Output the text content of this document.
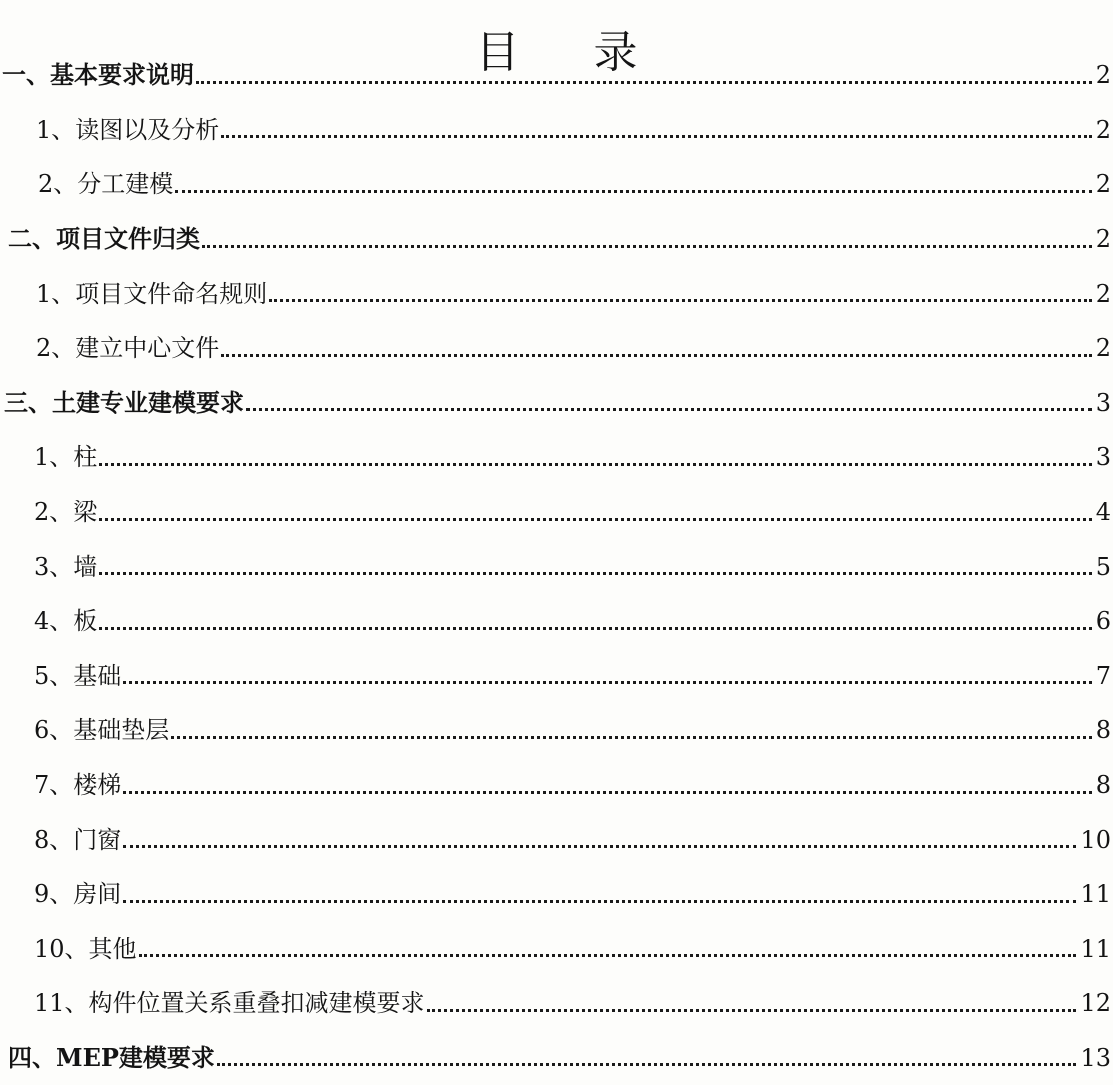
目 录
一、基本要求说明	2
1、读图以及分析	2
2、分工建模	2
二、项目文件归类	2
1、项目文件命名规则	2
2、建立中心文件	2
三、土建专业建模要求	3
1、柱	3
2、梁	4
3、墙	5
4、板	6
5、基础	7
6、基础垫层	8
7、楼梯	8
8、门窗	10
9、房间	11
10、其他	11
11、构件位置关系重叠扣减建模要求	12
四、MEP建模要求	13
